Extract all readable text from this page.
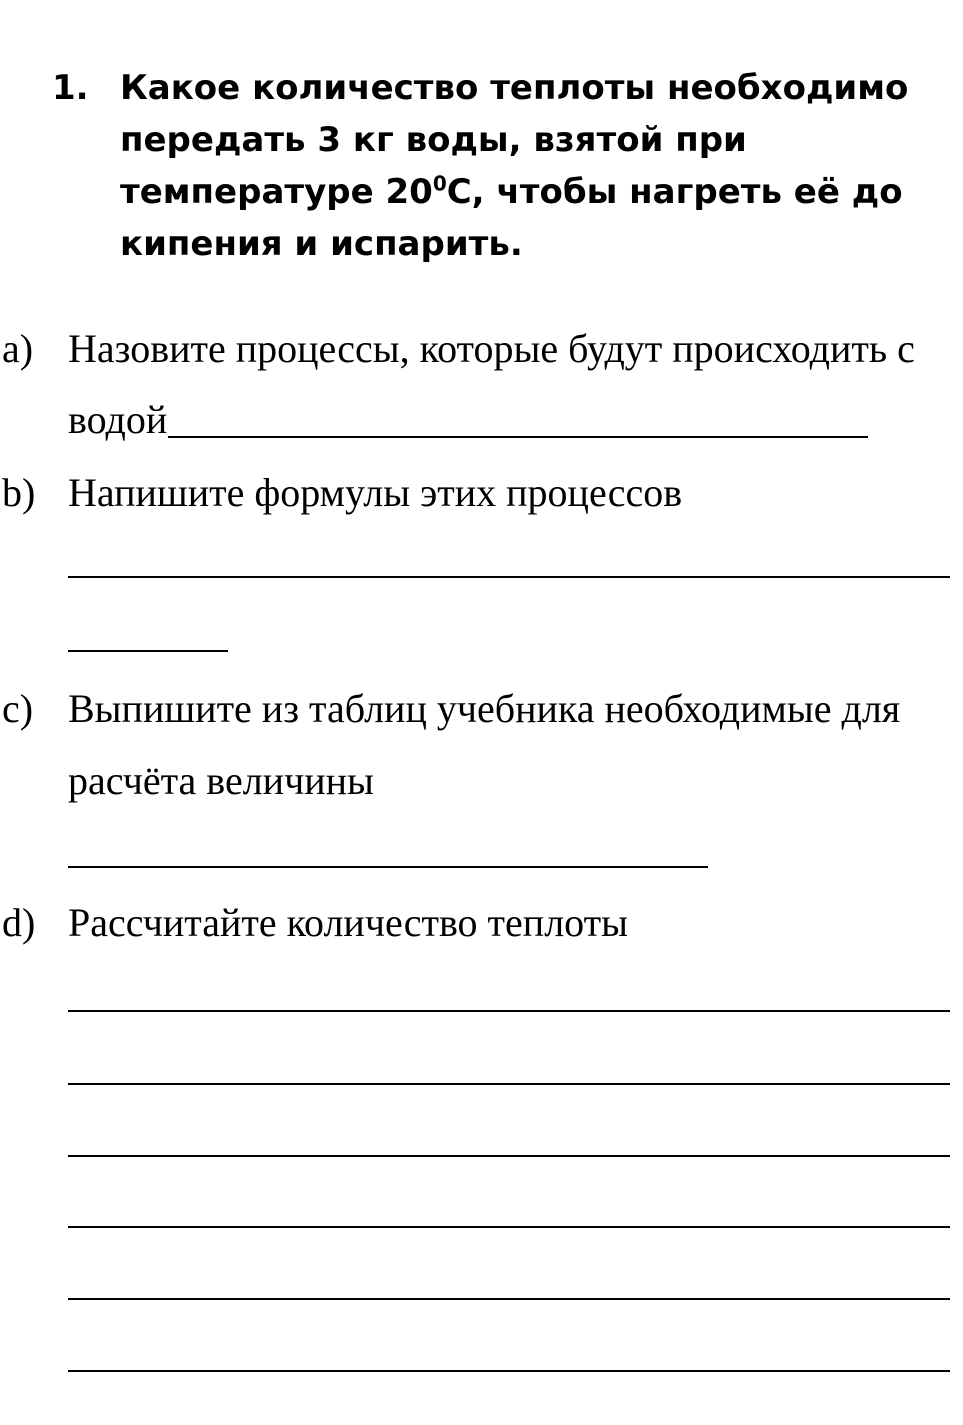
1. Какое количество теплоты необходимо передать 3 кг воды, взятой при температуре $20^0С$, чтобы нагреть её до кипения и испарить.
a) Назовите процессы, которые будут происходить с
водой
b) Напишите формулы этих процессов
c) Выпишите из таблиц учебника необходимые для
расчёта величины
d) Рассчитайте количество теплоты
